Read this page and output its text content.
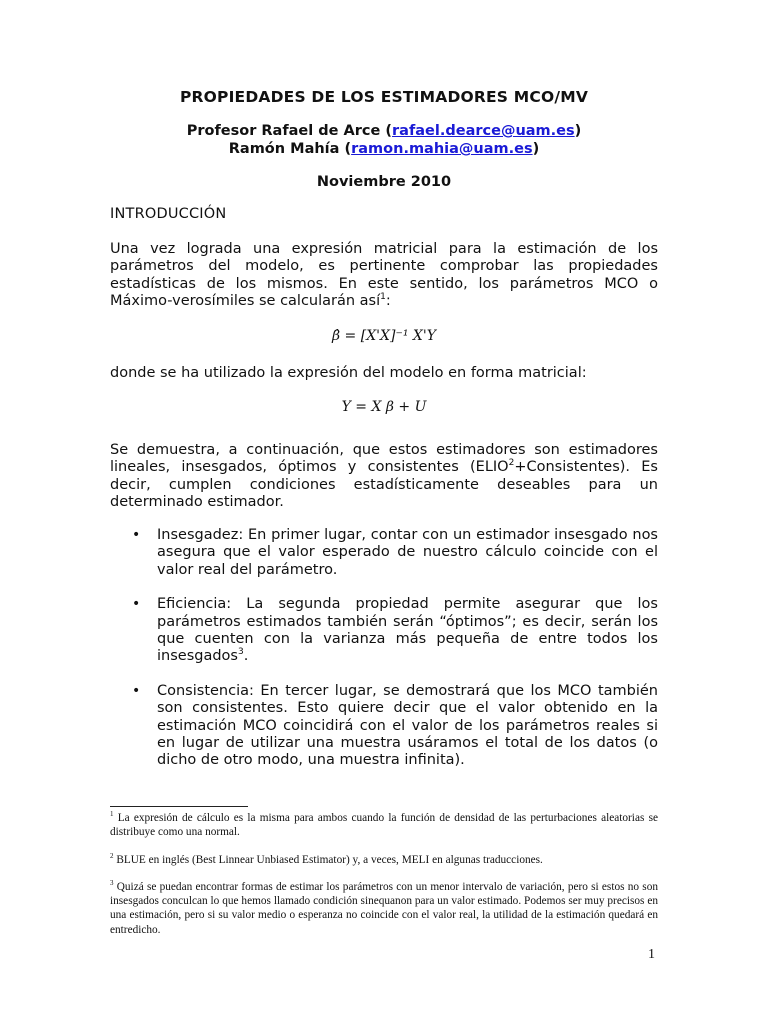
PROPIEDADES DE LOS ESTIMADORES MCO/MV
Profesor Rafael de Arce (rafael.dearce@uam.es)
Ramón Mahía (ramon.mahia@uam.es)
Noviembre 2010
INTRODUCCIÓN
Una vez lograda una expresión matricial para la estimación de los parámetros del modelo, es pertinente comprobar las propiedades estadísticas de los mismos. En este sentido, los parámetros MCO o Máximo-verosímiles se calcularán así$^1$:
β̂ = [X'X]⁻¹ X'Y
donde se ha utilizado la expresión del modelo en forma matricial:
Y = X β + U
Se demuestra, a continuación, que estos estimadores son estimadores lineales, insesgados, óptimos y consistentes $(ELIO^2+Consistentes)$. Es decir, cumplen condiciones estadísticamente deseables para un determinado estimador.
• Insesgadez: En primer lugar, contar con un estimador insesgado nos asegura que el valor esperado de nuestro cálculo coincide con el valor real del parámetro.
• Eficiencia: La segunda propiedad permite asegurar que los parámetros estimados también serán “óptimos”; es decir, serán los que cuenten con la varianza más pequeña de entre todos los insesgados$^3$.
• Consistencia: En tercer lugar, se demostrará que los MCO también son consistentes. Esto quiere decir que el valor obtenido en la estimación MCO coincidirá con el valor de los parámetros reales si en lugar de utilizar una muestra usáramos el total de los datos (o dicho de otro modo, una muestra infinita).
$^1$ La expresión de cálculo es la misma para ambos cuando la función de densidad de las perturbaciones aleatorias se distribuye como una normal.
$^2$ BLUE en inglés (Best Linnear Unbiased Estimator) y, a veces, MELI en algunas traducciones.
$^3$ Quizá se puedan encontrar formas de estimar los parámetros con un menor intervalo de variación, pero si estos no son insesgados conculcan lo que hemos llamado condición sinequanon para un valor estimado. Podemos ser muy precisos en una estimación, pero si su valor medio o esperanza no coincide con el valor real, la utilidad de la estimación quedará en entredicho.
1
